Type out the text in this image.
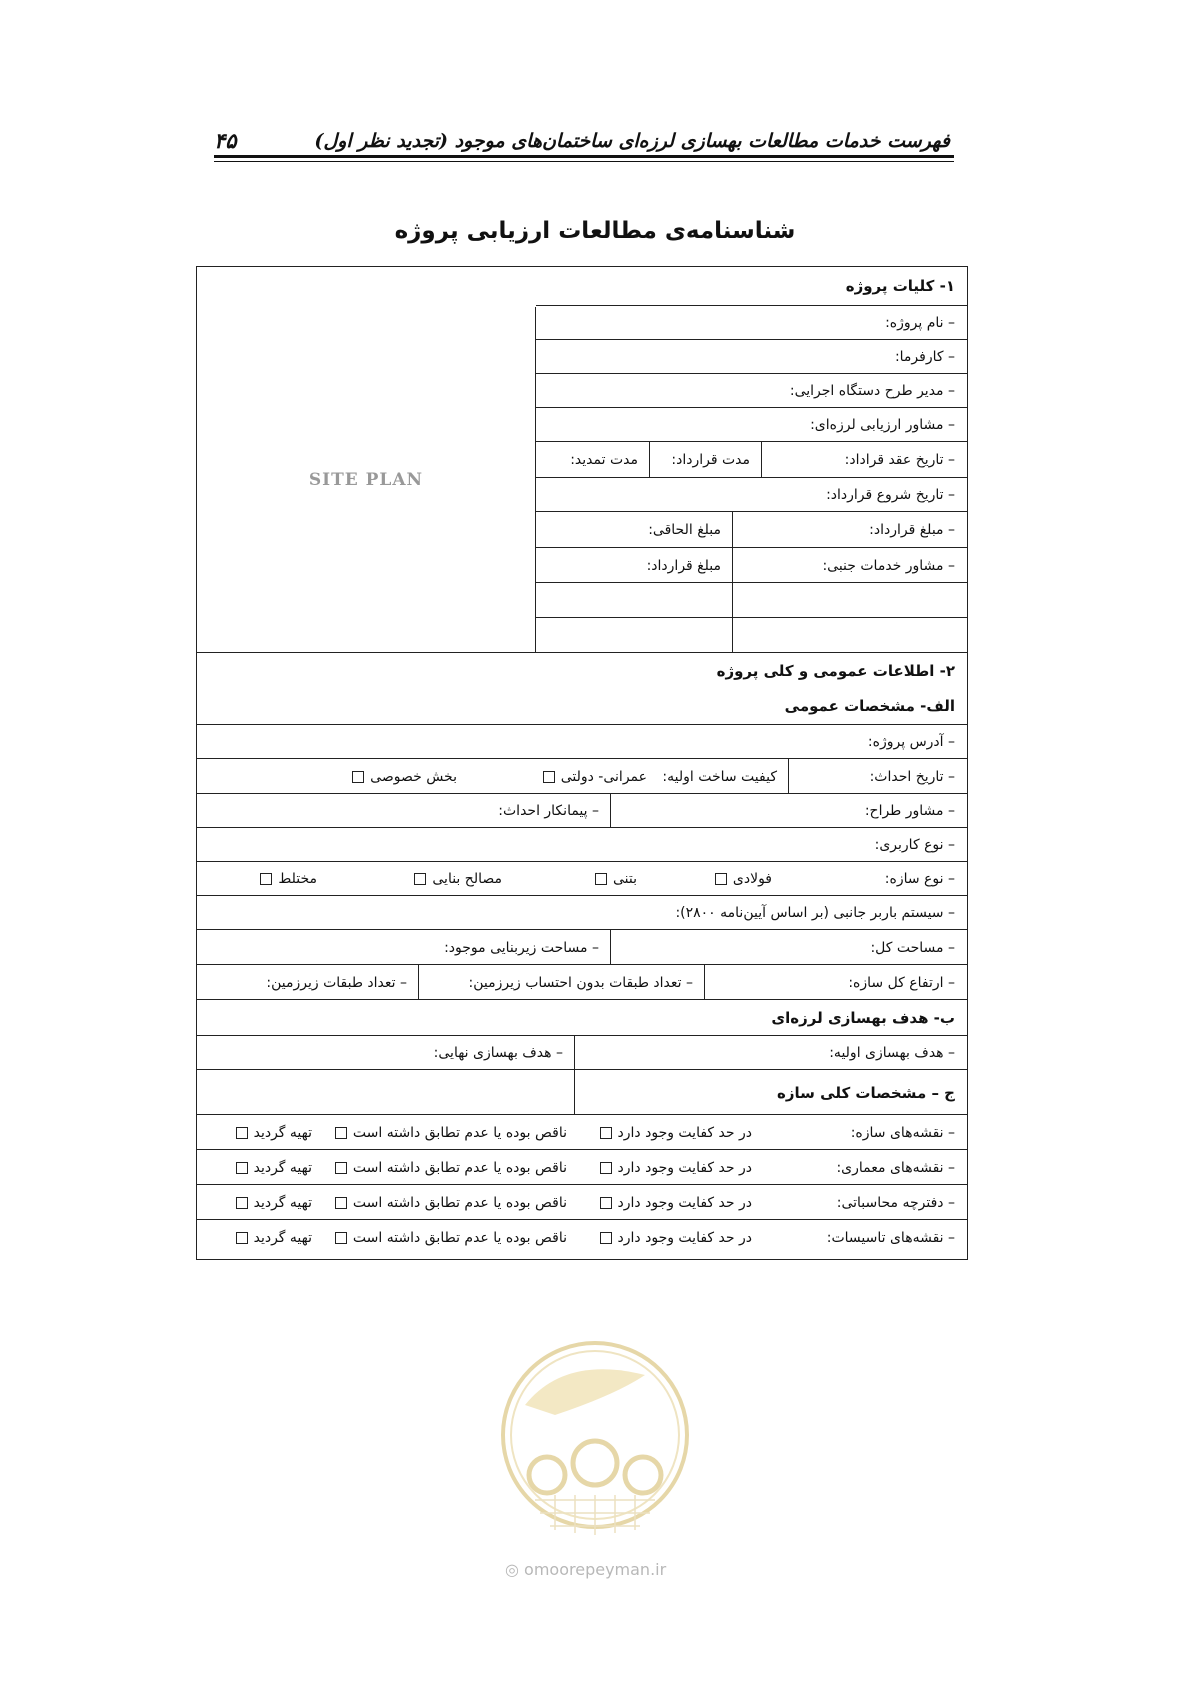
۴۵	فهرست خدمات مطالعات بهسازی لرزه‌ای ساختمان‌های موجود (تجدید نظر اول)
شناسنامه‌ی مطالعات ارزیابی پروژه
۱- کلیات پروژه
SITE PLAN
– نام پروژه:
– کارفرما:
– مدیر طرح دستگاه اجرایی:
– مشاور ارزیابی لرزه‌ای:
– تاریخ عقد قراداد:
مدت قرارداد:
مدت تمدید:
– تاریخ شروع قرارداد:
– مبلغ قرارداد:
مبلغ الحاقی:
– مشاور خدمات جنبی:
مبلغ قرارداد:
۲- اطلاعات عمومی و کلی پروژه
الف- مشخصات عمومی
– آدرس پروژه:
– تاریخ احداث:
کیفیت ساخت اولیه:
عمرانی- دولتی
بخش خصوصی
– مشاور طراح:
– پیمانکار احداث:
– نوع کاربری:
– نوع سازه:
فولادی
بتنی
مصالح بنایی
مختلط
– سیستم باربر جانبی (بر اساس آیین‌نامه ۲۸۰۰):
– مساحت کل:
– مساحت زیربنایی موجود:
– ارتفاع کل سازه:
– تعداد طبقات بدون احتساب زیرزمین:
– تعداد طبقات زیرزمین:
ب- هدف بهسازی لرزه‌ای
– هدف بهسازی اولیه:
– هدف بهسازی نهایی:
ج – مشخصات کلی سازه
– نقشه‌های سازه:
در حد کفایت وجود دارد
ناقص بوده یا عدم تطابق داشته است
تهیه گردید
– نقشه‌های معماری:
در حد کفایت وجود دارد
ناقص بوده یا عدم تطابق داشته است
تهیه گردید
– دفترچه محاسباتی:
در حد کفایت وجود دارد
ناقص بوده یا عدم تطابق داشته است
تهیه گردید
– نقشه‌های تاسیسات:
در حد کفایت وجود دارد
ناقص بوده یا عدم تطابق داشته است
تهیه گردید
◎ omoorepeyman.ir
